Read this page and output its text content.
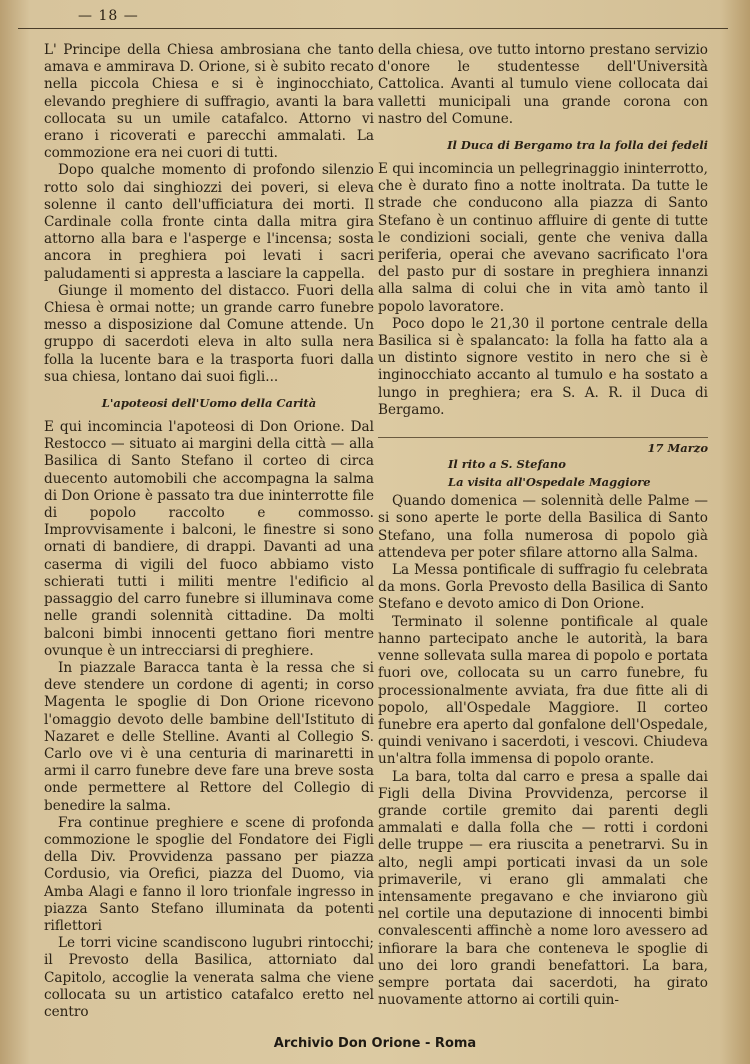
— 18 —

L' Principe della Chiesa ambrosiana che tanto amava e ammirava D. Orione, si è subito recato nella piccola Chiesa e si è inginocchiato, elevando preghiere di suffragio, avanti la bara collocata su un umile catafalco. Attorno vi erano i ricoverati e parecchi ammalati. La commozione era nei cuori di tutti.

Dopo qualche momento di profondo silenzio rotto solo dai singhiozzi dei poveri, si eleva solenne il canto dell'ufficiatura dei morti. Il Cardinale colla fronte cinta dalla mitra gira attorno alla bara e l'asperge e l'incensa; sosta ancora in preghiera poi levati i sacri paludamenti si appresta a lasciare la cappella.

Giunge il momento del distacco. Fuori della Chiesa è ormai notte; un grande carro funebre messo a disposizione dal Comune attende. Un gruppo di sacerdoti eleva in alto sulla nera folla la lucente bara e la trasporta fuori dalla sua chiesa, lontano dai suoi figli...

L'apoteosi dell'Uomo della Carità

E qui incomincia l'apoteosi di Don Orione. Dal Restocco — situato ai margini della città — alla Basilica di Santo Stefano il corteo di circa duecento automobili che accompagna la salma di Don Orione è passato tra due ininterrotte file di popolo raccolto e commosso. Improvvisamente i balconi, le finestre si sono ornati di bandiere, di drappi. Davanti ad una caserma di vigili del fuoco abbiamo visto schierati tutti i militi mentre l'edificio al passaggio del carro funebre si illuminava come nelle grandi solennità cittadine. Da molti balconi bimbi innocenti gettano fiori mentre ovunque è un intrecciarsi di preghiere.

In piazzale Baracca tanta è la ressa che si deve stendere un cordone di agenti; in corso Magenta le spoglie di Don Orione ricevono l'omaggio devoto delle bambine dell'Istituto di Nazaret e delle Stelline. Avanti al Collegio S. Carlo ove vi è una centuria di marinaretti in armi il carro funebre deve fare una breve sosta onde permettere al Rettore del Collegio di benedire la salma.

Fra continue preghiere e scene di profonda commozione le spoglie del Fondatore dei Figli della Div. Provvidenza passano per piazza Cordusio, via Orefici, piazza del Duomo, via Amba Alagi e fanno il loro trionfale ingresso in piazza Santo Stefano illuminata da potenti riflettori

Le torri vicine scandiscono lugubri rintocchi; il Prevosto della Basilica, attorniato dal Capitolo, accoglie la venerata salma che viene collocata su un artistico catafalco eretto nel centro

della chiesa, ove tutto intorno prestano servizio d'onore le studentesse dell'Università Cattolica. Avanti al tumulo viene collocata dai valletti municipali una grande corona con nastro del Comune.

Il Duca di Bergamo tra la folla dei fedeli

E qui incomincia un pellegrinaggio ininterrotto, che è durato fino a notte inoltrata. Da tutte le strade che conducono alla piazza di Santo Stefano è un continuo affluire di gente di tutte le condizioni sociali, gente che veniva dalla periferia, operai che avevano sacrificato l'ora del pasto pur di sostare in preghiera innanzi alla salma di colui che in vita amò tanto il popolo lavoratore.

Poco dopo le 21,30 il portone centrale della Basilica si è spalancato: la folla ha fatto ala a un distinto signore vestito in nero che si è inginocchiato accanto al tumulo e ha sostato a lungo in preghiera; era S. A. R. il Duca di Bergamo.

17 Marzo
Il rito a S. Stefano
La visita all'Ospedale Maggiore

Quando domenica — solennità delle Palme — si sono aperte le porte della Basilica di Santo Stefano, una folla numerosa di popolo già attendeva per poter sfilare attorno alla Salma.

La Messa pontificale di suffragio fu celebrata da mons. Gorla Prevosto della Basilica di Santo Stefano e devoto amico di Don Orione.

Terminato il solenne pontificale al quale hanno partecipato anche le autorità, la bara venne sollevata sulla marea di popolo e portata fuori ove, collocata su un carro funebre, fu processionalmente avviata, fra due fitte ali di popolo, all'Ospedale Maggiore. Il corteo funebre era aperto dal gonfalone dell'Ospedale, quindi venivano i sacerdoti, i vescovi. Chiudeva un'altra folla immensa di popolo orante.

La bara, tolta dal carro e presa a spalle dai Figli della Divina Provvidenza, percorse il grande cortile gremito dai parenti degli ammalati e dalla folla che — rotti i cordoni delle truppe — era riuscita a penetrarvi. Su in alto, negli ampi porticati invasi da un sole primaverile, vi erano gli ammalati che intensamente pregavano e che inviarono giù nel cortile una deputazione di innocenti bimbi convalescenti affinchè a nome loro avessero ad infiorare la bara che conteneva le spoglie di uno dei loro grandi benefattori. La bara, sempre portata dai sacerdoti, ha girato nuovamente attorno ai cortili quin-

Archivio Don Orione - Roma
